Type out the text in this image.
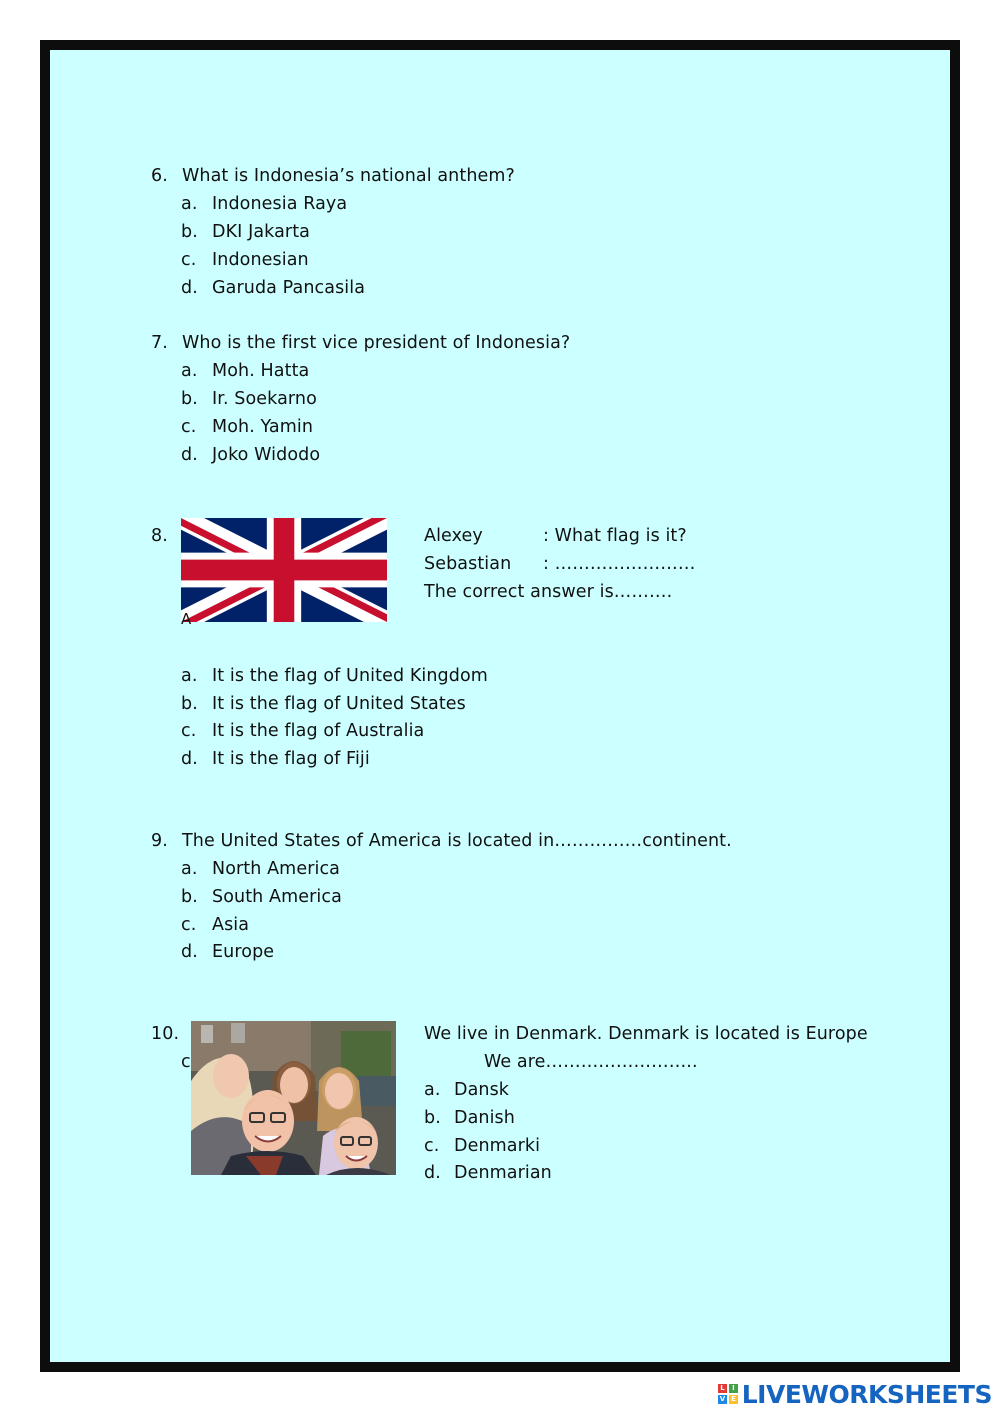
6. What is Indonesia’s national anthem?
a. Indonesia Raya
b. DKI Jakarta
c. Indonesian
d. Garuda Pancasila
7. Who is the first vice president of Indonesia?
a. Moh. Hatta
b. Ir. Soekarno
c. Moh. Yamin
d. Joko Widodo
8.
A
Alexey	: What flag is it?
Sebastian : ……………………
The correct answer is……….
a. It is the flag of United Kingdom
b. It is the flag of United States
c. It is the flag of Australia
d. It is the flag of Fiji
9. The United States of America is located in……………continent.
a. North America
b. South America
c. Asia
d. Europe
10.
c
We live in Denmark. Denmark is located is Europe
We are……………………..
a. Dansk
b. Danish
c. Denmarki
d. Denmarian
L	I
V E LIVEWORKSHEETS
